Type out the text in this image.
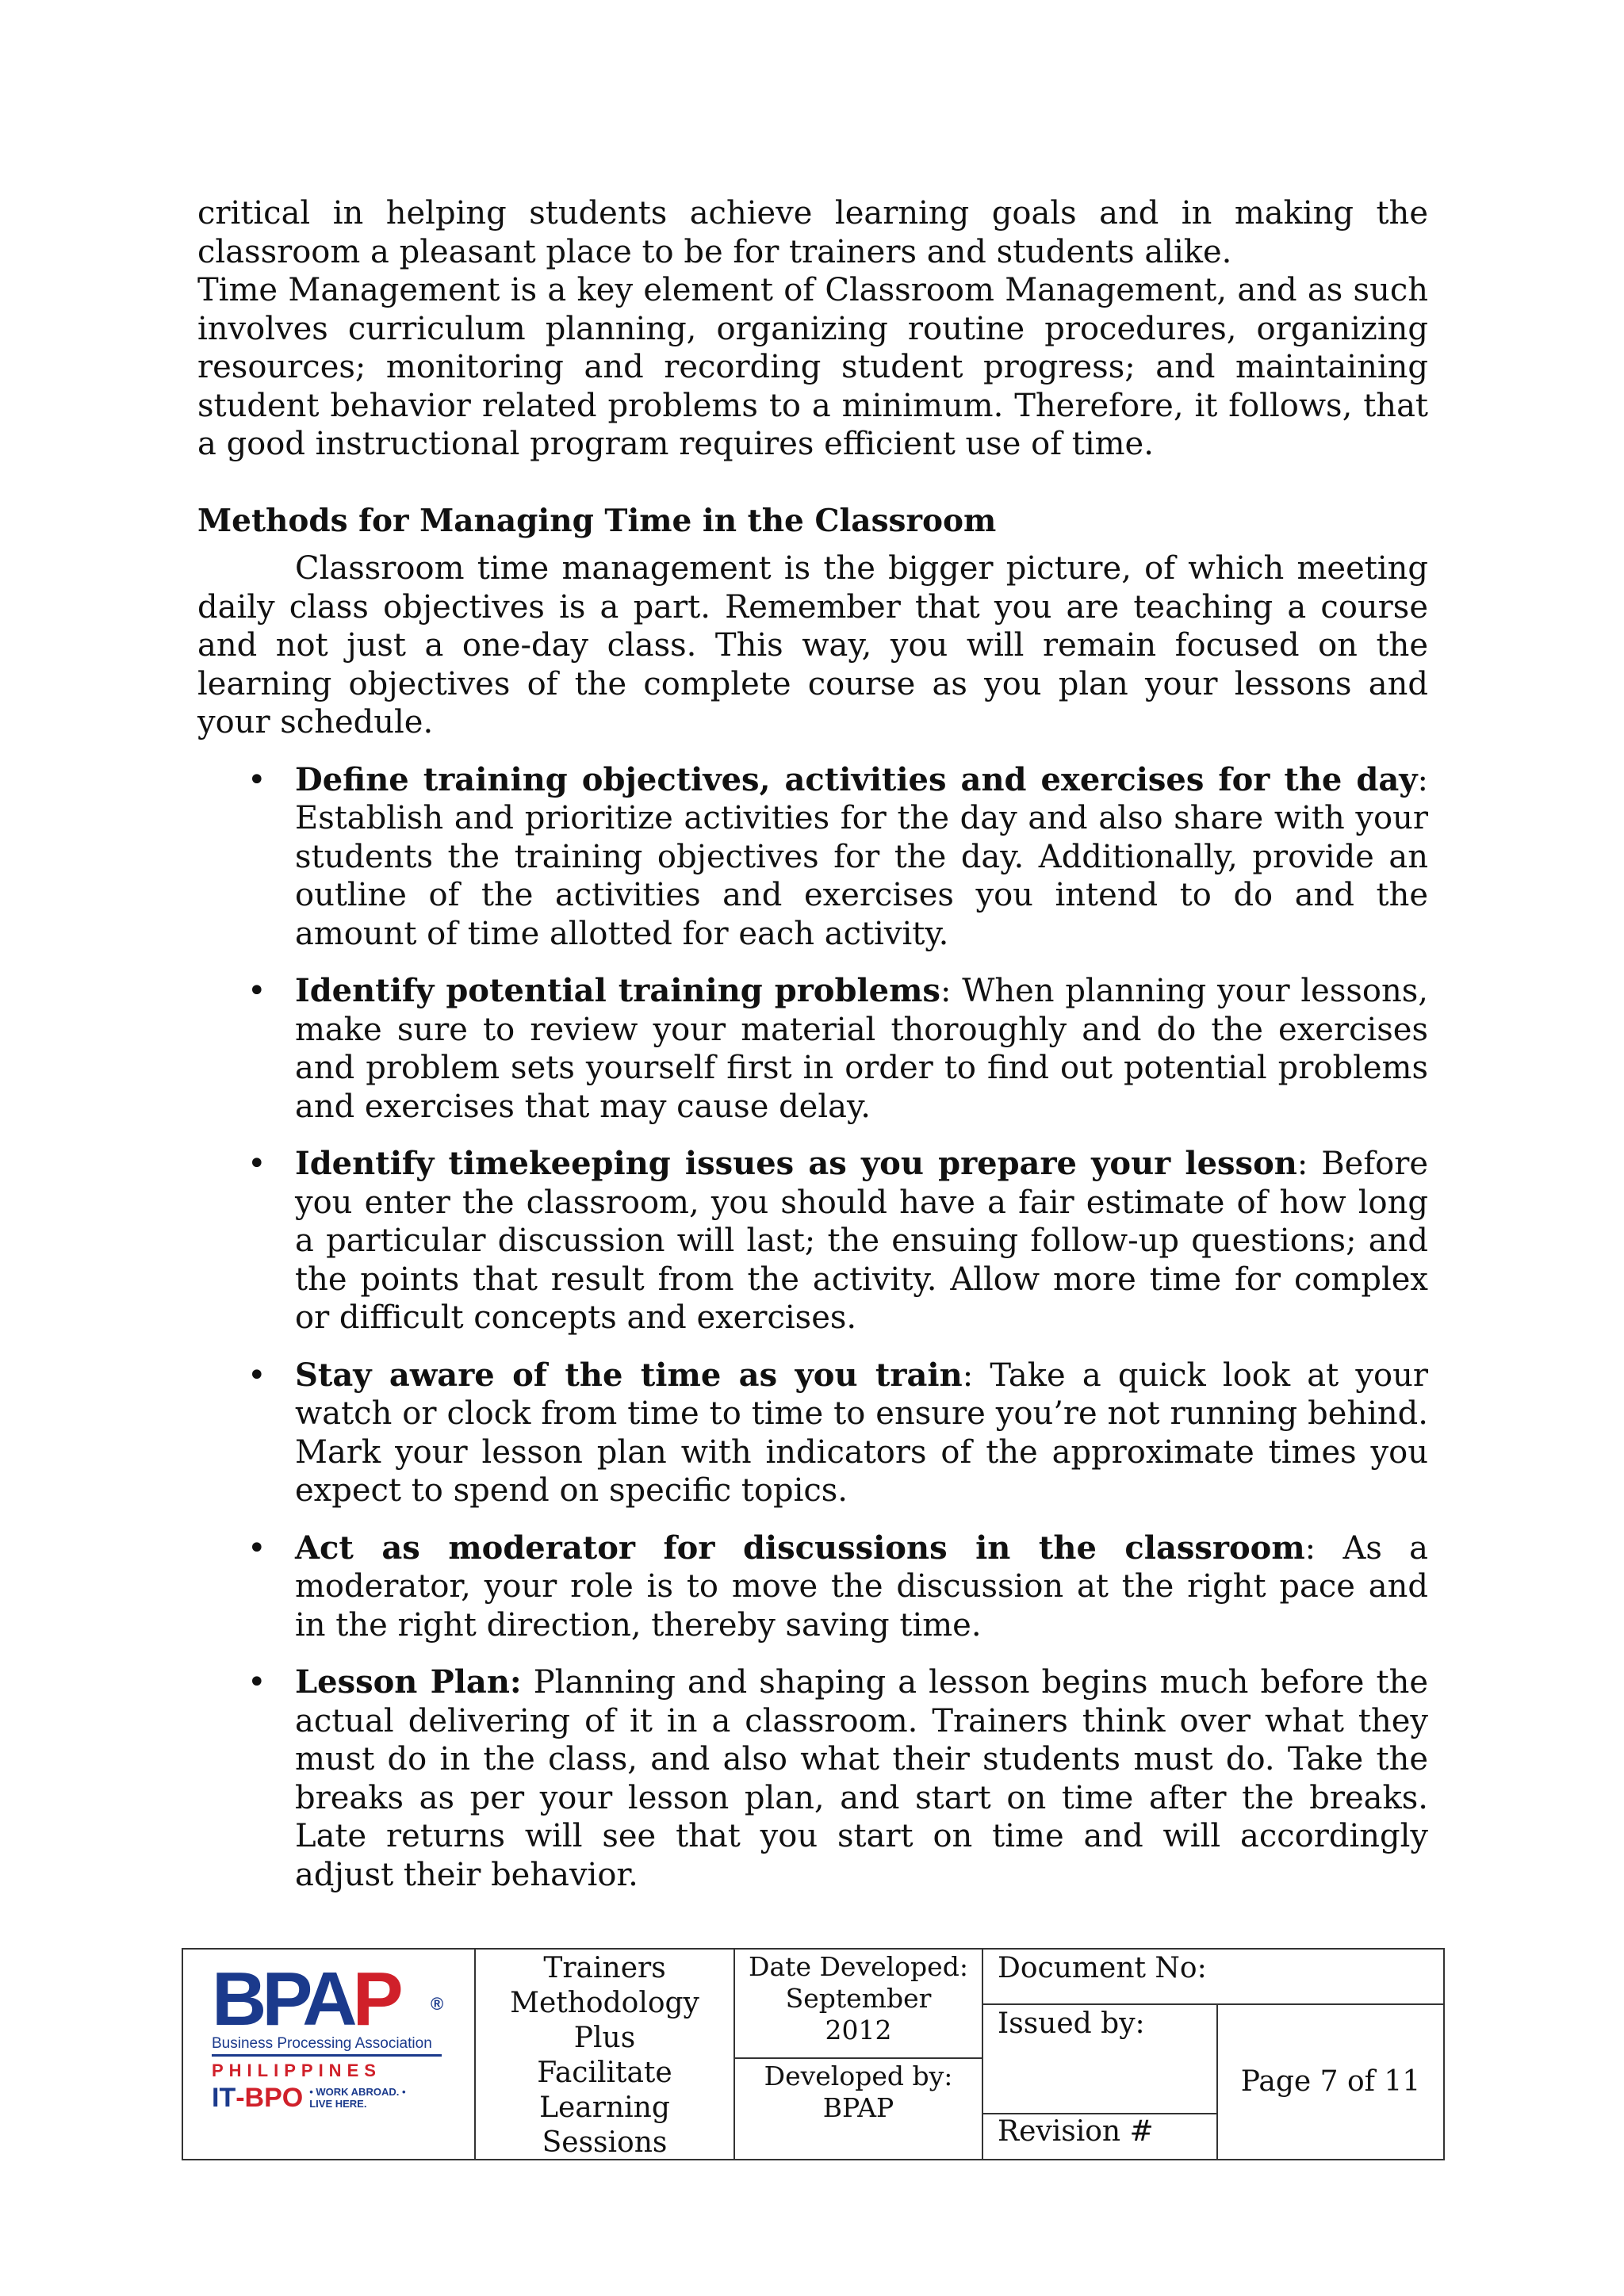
critical in helping students achieve learning goals and in making the classroom a pleasant place to be for trainers and students alike.

Time Management is a key element of Classroom Management, and as such involves curriculum planning, organizing routine procedures, organizing resources; monitoring and recording student progress; and maintaining student behavior related problems to a minimum. Therefore, it follows, that a good instructional program requires efficient use of time.

Methods for Managing Time in the Classroom

Classroom time management is the bigger picture, of which meeting daily class objectives is a part. Remember that you are teaching a course and not just a one-day class. This way, you will remain focused on the learning objectives of the complete course as you plan your lessons and your schedule.

• Define training objectives, activities and exercises for the day: Establish and prioritize activities for the day and also share with your students the training objectives for the day. Additionally, provide an outline of the activities and exercises you intend to do and the amount of time allotted for each activity.
• Identify potential training problems: When planning your lessons, make sure to review your material thoroughly and do the exercises and problem sets yourself first in order to find out potential problems and exercises that may cause delay.
• Identify timekeeping issues as you prepare your lesson: Before you enter the classroom, you should have a fair estimate of how long a particular discussion will last; the ensuing follow-up questions; and the points that result from the activity. Allow more time for complex or difficult concepts and exercises.
• Stay aware of the time as you train: Take a quick look at your watch or clock from time to time to ensure you’re not running behind. Mark your lesson plan with indicators of the approximate times you expect to spend on specific topics.
• Act as moderator for discussions in the classroom: As a moderator, your role is to move the discussion at the right pace and in the right direction, thereby saving time.
• Lesson Plan: Planning and shaping a lesson begins much before the actual delivering of it in a classroom. Trainers think over what they must do in the class, and also what their students must do. Take the breaks as per your lesson plan, and start on time after the breaks. Late returns will see that you start on time and will accordingly adjust their behavior.
BPAP ®
Business Processing Association
PHILIPPINES
IT -BPO • WORK ABROAD. • LIVE HERE.
Trainers
Methodology
Plus
Facilitate
Learning
Sessions
Date Developed:
September
2012
Developed by:
BPAP
Document No:
Issued by:
Revision #
Page 7 of 11
